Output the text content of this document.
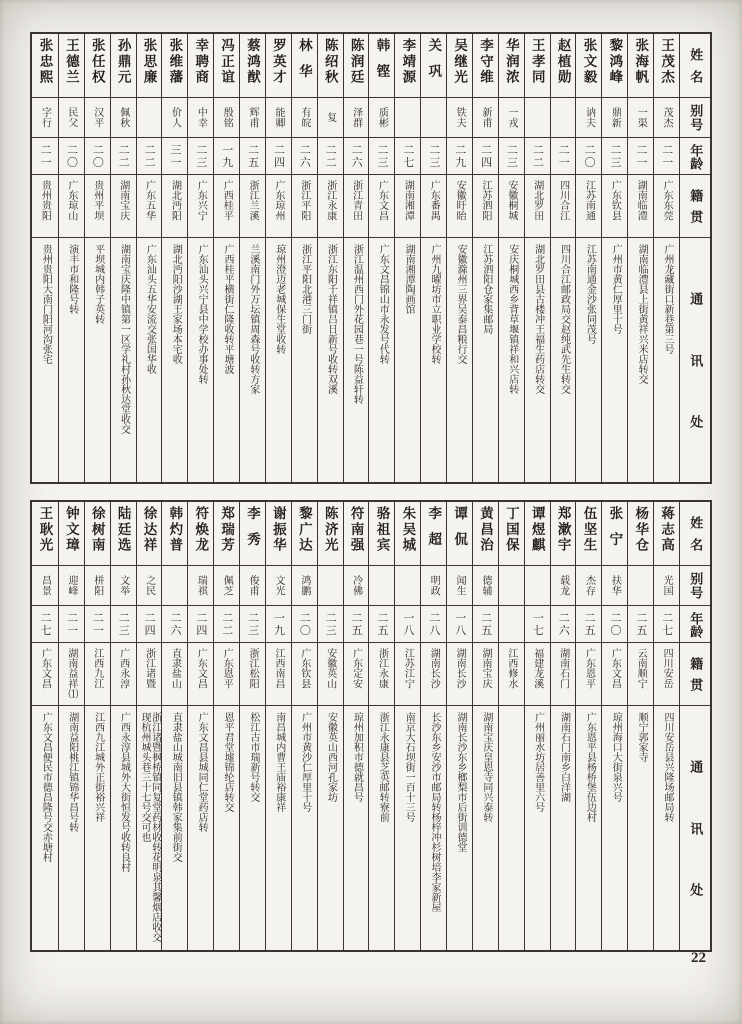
姓
名
别
号
年
龄
籍
贯
通
讯
处
王茂杰
茂杰
二一
广东东莞
广州龙藏街口新巷第三号
张海帆
一渠
二一
湖南临澧
湖南临澧县上街黄祥兴米店转交
黎鸿峰
鼎新
二三
广东钦县
广州市黄仁厚里十号
张文毅
讷夫
二〇
江苏南通
江苏南通金沙张同茂号
赵植勋
二一
四川合江
四川合江邮政局交赵纯武先生转交
王孝同
二二
湖北罗田
湖北罗田县古楼冲王福生药店转交
华润浓
一戎
二三
安徽桐城
安庆桐城西乡背草堰镇祥和兴店转
李守维
新甫
二四
江苏泗阳
江苏泗阳仓家集邮局
吴继光
铁夫
二九
安徽盱眙
安徽滁州三界吴泰昌粮行交
关巩
二三
广东番禺
广州九曜坊市立职业学校转
李靖源
二七
湖南湘潭
湖南湘潭陶画馆
韩铿
质彬
二三
广东文昌
广东文昌锦山市永发号代转
陈润廷
泽群
二六
浙江青田
浙江温州西门外花园巷一号陈益轩转
陈绍秋
复
二二
浙江永康
浙江东阳千祥镇吕日新号收转双溪
林华
有皖
二六
浙江平阳
浙江平阳北港三门街
罗英才
能卿
二四
广东琼州
琼州澄迈老城保生堂收转
蔡鸿猷
辉甫
二五
浙江兰溪
兰溪南门外万坛镇周森号收转方家
冯正谊
殷铭
一九
广西桂平
广西桂平横街仁隆收转平塘波
幸聘商
中幸
二三
广东兴宁
广东汕头兴宁县中学校办事处转
张维藩
价人
三一
湖北沔阳
湖北沔阳沙湖王家场本宅收
张思廉
二二
广东五华
广东汕头五华安流交张国华收
孙鼎元
佩秋
二二
湖南宝庆
湖南宝庆隆中镇第一区学礼村孙秋达堂收交
张任权
汉平
二〇
贵州平坝
平坝城内韩子英转
王德兰
民父
二〇
广东琼山
演丰市和隆号转
张忠熙
字行
二一
贵州贵阳
贵州贵阳大南门阳河沟张宅
姓
名
别
号
年
龄
籍
贯
通
讯
处
蒋志高
光国
二七
四川安岳
四川安岳县兴隆场邮局转
杨华仓
二五
云南顺宁
顺宁郭家寺
张宁
扶华
二〇
广东文昌
琼州海口大街泉兴号
伍坚生
杰存
二五
广东恩平
广东恩平县杨桥堡伍边村
郑漱宇
载龙
二六
湖南石门
湖南石门南乡白洋湖
谭煜麒
一七
福建龙溪
广州丽水坊居善里六号
丁国保
江西修水
黄昌治
德辅
二五
湖南宝庆
湖南宝庆皇恩寺同兴泰转
谭侃
闻生
一八
湖南长沙
湖南长沙东乡榔梨市后街训德堂
李超
明政
二八
湖南长沙
长沙东乡安沙市邮局转杨梓冲杉树培李家新屋
朱吴城
一八
江苏江宁
南京大石坝街一百十三号
骆祖宾
二五
浙江永康
浙江永康县芝英邮转寮前
符南强
冷佛
二五
广东定安
琼州加积市德就昌号
陈济光
二三
安徽英山
安徽英山西河孔家坊
黎广达
鸿鹏
二〇
广东钦县
广州市黄沙仁厚里十号
谢振华
文光
一九
江西南昌
南昌城内曹王庙裕康祥
李秀
俊甫
二三
浙江松阳
松江古市瑞新号转交
郑瑞芳
佩芝
二二
广东恩平
恩平君堂墟锦纶店转交
符焕龙
瑞祺
二四
广东文昌
广东文昌县城同仁堂药店转
韩灼普
二六
直隶盐山
直隶盐山城南旧县镇韩家集前街交
徐达祥
之民
二四
浙江诸暨
浙江诸暨枫桥镇同复堂药材收转花明泉其馨烟店收交现杭州城头巷三十七号交可也
陆廷选
文举
二三
广西永淳
广西永淳县城外大街恒发号收转良村
徐树南
栟阳
二一
江西九江
江西九江城外正街裕兴祥
钟文璋
迎峰
二一
湖南益祥⑴
湖南益阳桃江镇锦华昌号转
王耿光
昌景
二七
广东文昌
广东文昌便民市德昌隆号交赤塘村
22
